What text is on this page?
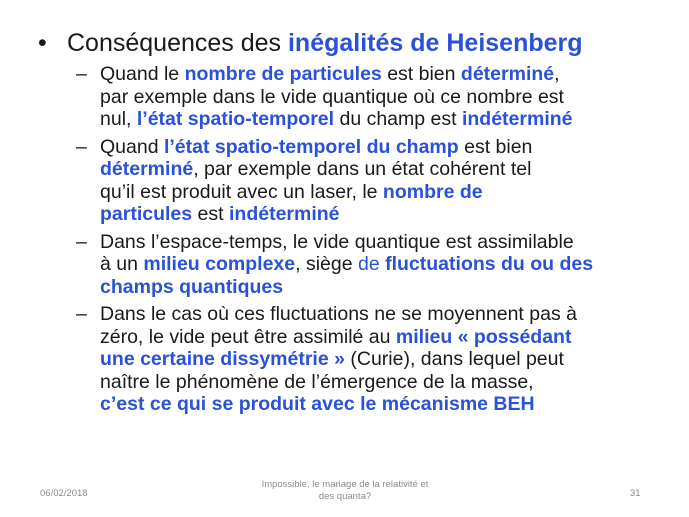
• Conséquences des inégalités de Heisenberg
– Quand le nombre de particules est bien déterminé,
par exemple dans le vide quantique où ce nombre est
nul, l’état spatio-temporel du champ est indéterminé
– Quand l’état spatio-temporel du champ est bien
déterminé, par exemple dans un état cohérent tel
qu’il est produit avec un laser, le nombre de
particules est indéterminé
– Dans l’espace-temps, le vide quantique est assimilable
à un milieu complexe, siège de fluctuations du ou des
champs quantiques
– Dans le cas où ces fluctuations ne se moyennent pas à
zéro, le vide peut être assimilé au milieu « possédant
une certaine dissymétrie » (Curie), dans lequel peut
naître le phénomène de l’émergence de la masse,
c’est ce qui se produit avec le mécanisme BEH
06/02/2018
Impossible, le mariage de la relativité et
des quanta?	31
